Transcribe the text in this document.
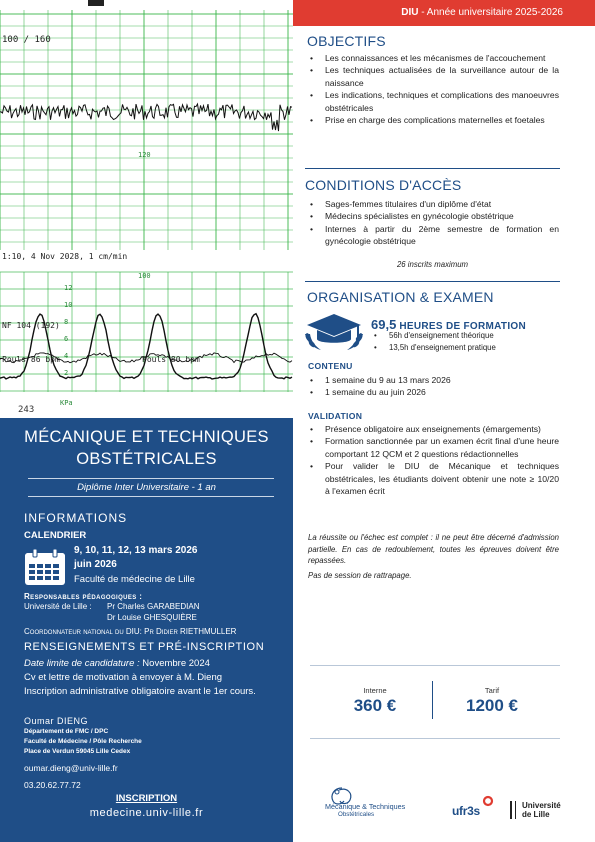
100 / 160
120
1:10, 4 Nov 2028, 1 cm/min
100
NF 104 (192)
Pouls 86 bpm	Pouls 80 bpm
KPa
243
12
10
8
6
4
2
MÉCANIQUE ET TECHNIQUES
OBSTÉTRICALES
Diplôme Inter Universitaire - 1 an
INFORMATIONS
CALENDRIER
9, 10, 11, 12, 13 mars 2026
juin 2026
Faculté de médecine de Lille
Responsables pédagogiques :
Université de Lille : Pr Charles GARABEDIAN
Dr Louise GHESQUIÈRE
Coordonnateur national du DIU: Pr Didier RIETHMULLER
RENSEIGNEMENTS ET PRÉ-INSCRIPTION
Date limite de candidature : Novembre 2024
Cv et lettre de motivation à envoyer à M. Dieng
Inscription administrative obligatoire avant le 1er cours.
Oumar DIENG
Département de FMC / DPC
Faculté de Médecine / Pôle Recherche
Place de Verdun 59045 Lille Cedex
oumar.dieng@univ-lille.fr
03.20.62.77.72
INSCRIPTION
medecine.univ-lille.fr
DIU - Année universitaire 2025-2026
OBJECTIFS
• Les connaissances et les mécanismes de l'accouchement
• Les techniques actualisées de la surveillance autour de la naissance
• Les indications, techniques et complications des manoeuvres obstétricales
• Prise en charge des complications maternelles et foetales
CONDITIONS D'ACCÈS
• Sages-femmes titulaires d'un diplôme d'état
• Médecins spécialistes en gynécologie obstétrique
• Internes à partir du 2ème semestre de formation en gynécologie obstétrique
26 inscrits maximum
ORGANISATION & EXAMEN
69,5 HEURES DE FORMATION
• 56h d'enseignement théorique
• 13,5h d'enseignement pratique
CONTENU
• 1 semaine du 9 au 13 mars 2026
• 1 semaine du au juin 2026
VALIDATION
• Présence obligatoire aux enseignements (émargements)
• Formation sanctionnée par un examen écrit final d'une heure comportant 12 QCM et 2 questions rédactionnelles
• Pour valider le DIU de Mécanique et techniques obstétricales, les étudiants doivent obtenir une note ≥ 10/20 à l'examen écrit
La réussite ou l'échec est complet : il ne peut être décerné d'admission partielle. En cas de redoublement, toutes les épreuves doivent être repassées.
Pas de session de rattrapage.
Interne
360 €
Tarif
1200 €
Mécanique & Techniques
Obstétricales	ufr3s	Université
de Lille
